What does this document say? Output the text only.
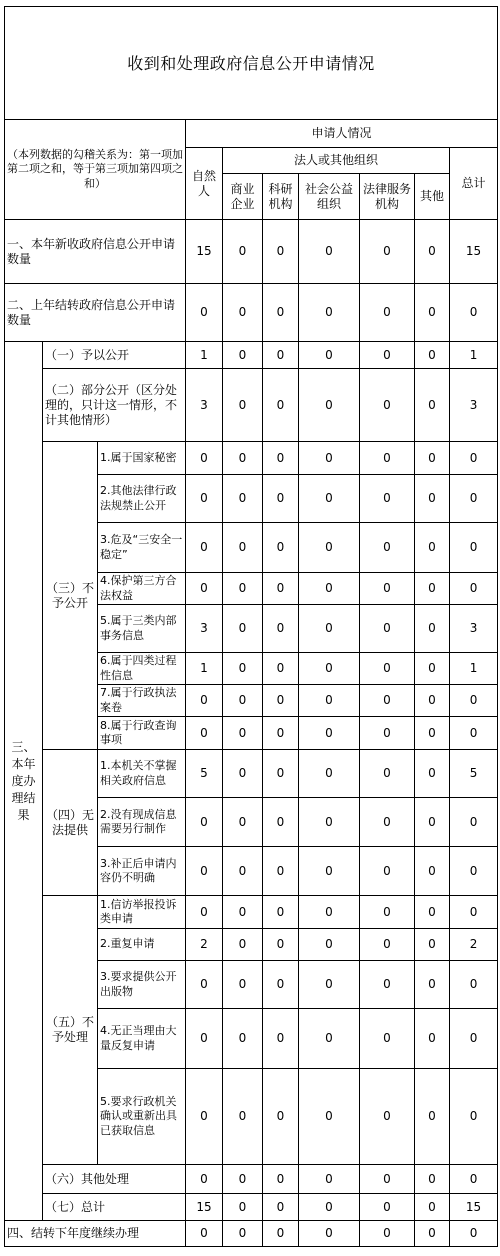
收到和处理政府信息公开申请情况									
（本列数据的勾稽关系为：第一项加第二项之和，等于第三项加第四项之和）			申请人情况						
			自然人	法人或其他组织					总计
				商业企业	科研机构	社会公益组织	法律服务机构	其他	
一、本年新收政府信息公开申请数量			15	0	0	0	0	0	15
二、上年结转政府信息公开申请数量			0	0	0	0	0	0	0
三、本年度办理结果	（一）予以公开		1	0	0	0	0	0	1
	（二）部分公开（区分处理的，只计这一情形，不计其他情形）		3	0	0	0	0	0	3
	（三）不予公开	1.属于国家秘密	0	0	0	0	0	0	0
		2.其他法律行政法规禁止公开	0	0	0	0	0	0	0
		3.危及“三安全一稳定”	0	0	0	0	0	0	0
		4.保护第三方合法权益	0	0	0	0	0	0	0
		5.属于三类内部事务信息	3	0	0	0	0	0	3
		6.属于四类过程性信息	1	0	0	0	0	0	1
		7.属于行政执法案卷	0	0	0	0	0	0	0
		8.属于行政查询事项	0	0	0	0	0	0	0
	（四）无法提供	1.本机关不掌握相关政府信息	5	0	0	0	0	0	5
		2.没有现成信息需要另行制作	0	0	0	0	0	0	0
		3.补正后申请内容仍不明确	0	0	0	0	0	0	0
	（五）不予处理	1.信访举报投诉类申请	0	0	0	0	0	0	0
		2.重复申请	2	0	0	0	0	0	2
		3.要求提供公开出版物	0	0	0	0	0	0	0
		4.无正当理由大量反复申请	0	0	0	0	0	0	0
		5.要求行政机关确认或重新出具已获取信息	0	0	0	0	0	0	0
	（六）其他处理		0	0	0	0	0	0	0
	（七）总计		15	0	0	0	0	0	15
四、结转下年度继续办理			0	0	0	0	0	0	0
